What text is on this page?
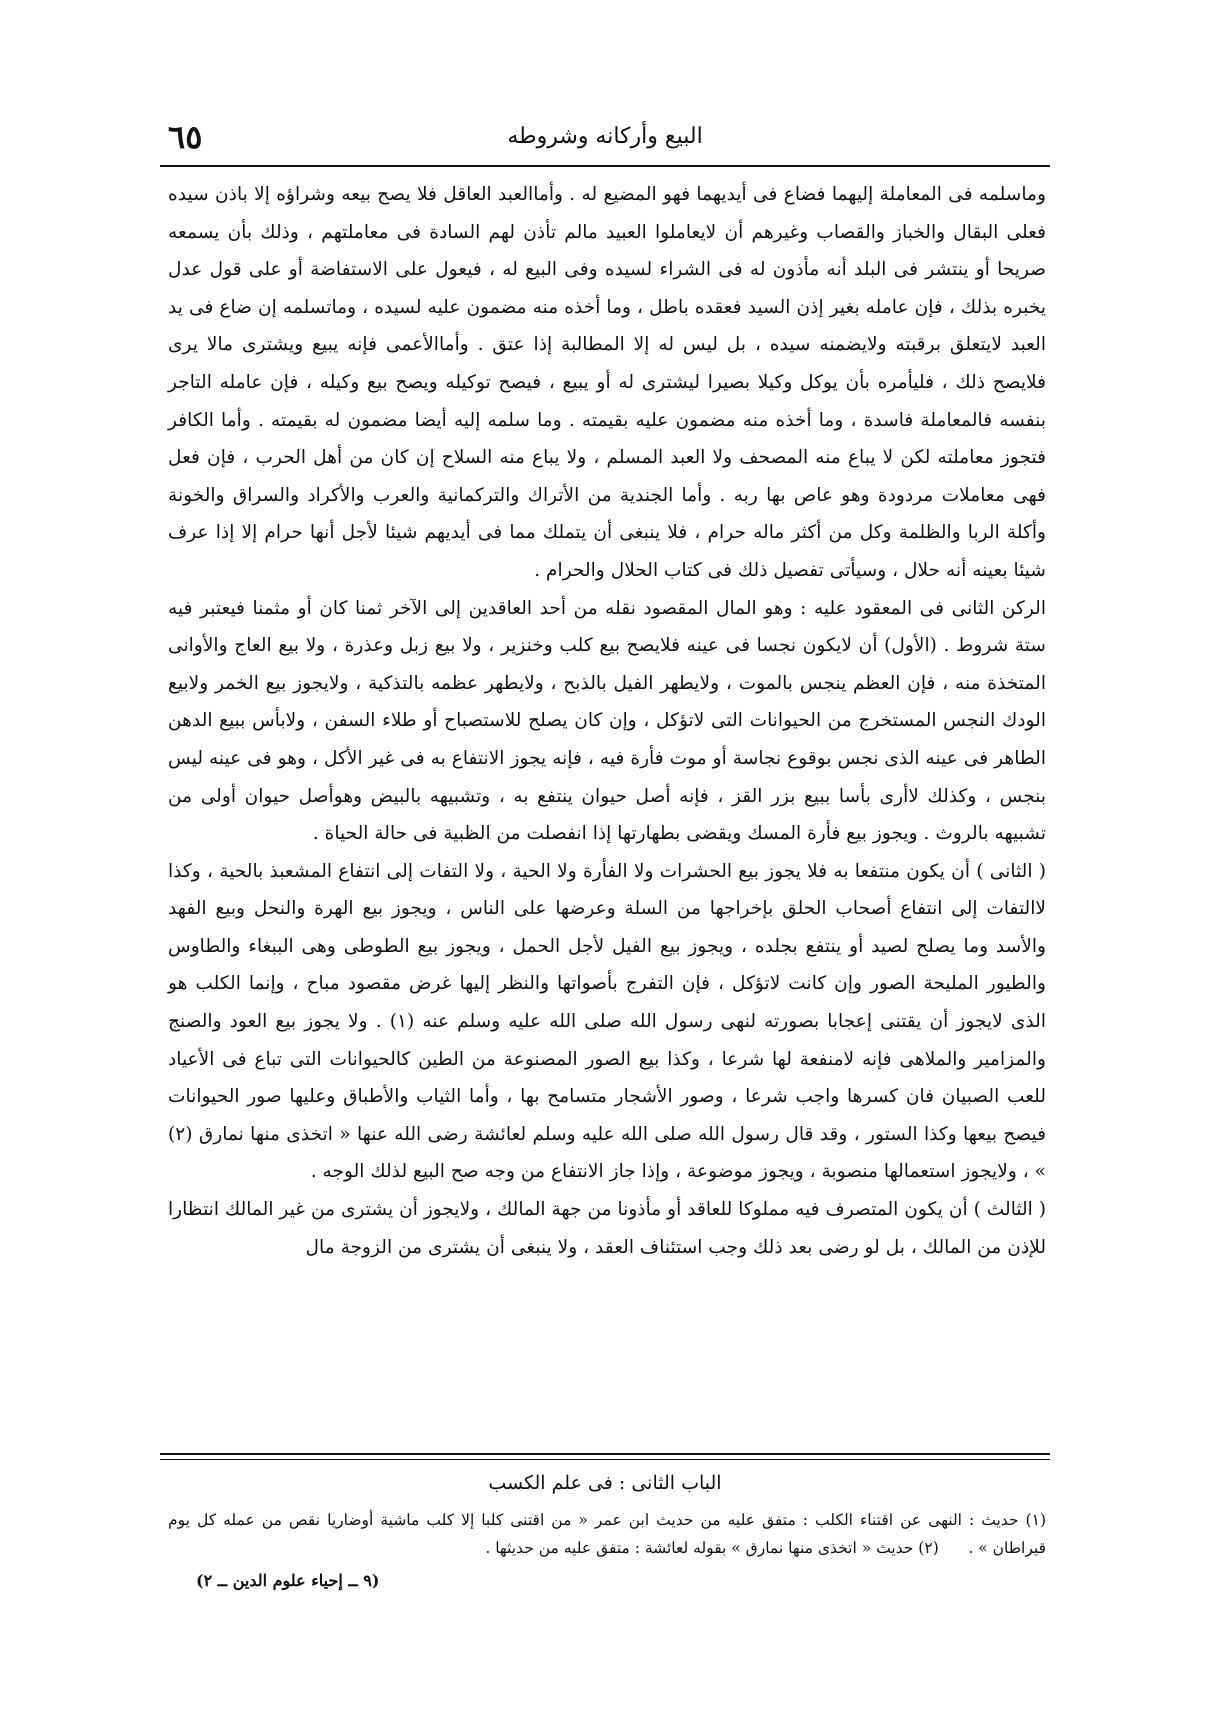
٦٥	البيع وأركانه وشروطه

وماسلمه فى المعاملة إليهما فضاع فى أيديهما فهو المضيع له . وأماالعبد العاقل فلا يصح بيعه وشراؤه إلا باذن سيده فعلى البقال والخباز والقصاب وغيرهم أن لايعاملوا العبيد مالم تأذن لهم السادة فى معاملتهم ، وذلك بأن يسمعه صريحا أو ينتشر فى البلد أنه مأذون له فى الشراء لسيده وفى البيع له ، فيعول على الاستفاضة أو على قول عدل يخبره بذلك ، فإن عامله بغير إذن السيد فعقده باطل ، وما أخذه منه مضمون عليه لسيده ، وماتسلمه إن ضاع فى يد العبد لايتعلق برقبته ولايضمنه سيده ، بل ليس له إلا المطالبة إذا عتق . وأماالأعمى فإنه يبيع ويشترى مالا يرى فلايصح ذلك ، فليأمره بأن يوكل وكيلا بصيرا ليشترى له أو يبيع ، فيصح توكيله ويصح بيع وكيله ، فإن عامله التاجر بنفسه فالمعاملة فاسدة ، وما أخذه منه مضمون عليه بقيمته . وما سلمه إليه أيضا مضمون له بقيمته . وأما الكافر فتجوز معاملته لكن لا يباع منه المصحف ولا العبد المسلم ، ولا يباع منه السلاح إن كان من أهل الحرب ، فإن فعل فهى معاملات مردودة وهو عاص بها ربه . وأما الجندية من الأتراك والتركمانية والعرب والأكراد والسراق والخونة وأكلة الربا والظلمة وكل من أكثر ماله حرام ، فلا ينبغى أن يتملك مما فى أيديهم شيئا لأجل أنها حرام إلا إذا عرف شيئا بعينه أنه حلال ، وسيأتى تفصيل ذلك فى كتاب الحلال والحرام .

الركن الثانى فى المعقود عليه : وهو المال المقصود نقله من أحد العاقدين إلى الآخر ثمنا كان أو مثمنا فيعتبر فيه ستة شروط . (الأول) أن لايكون نجسا فى عينه فلايصح بيع كلب وخنزير ، ولا بيع زبل وعذرة ، ولا بيع العاج والأوانى المتخذة منه ، فإن العظم ينجس بالموت ، ولايطهر الفيل بالذبح ، ولايطهر عظمه بالتذكية ، ولايجوز بيع الخمر ولابيع الودك النجس المستخرج من الحيوانات التى لاتؤكل ، وإن كان يصلح للاستصباح أو طلاء السفن ، ولابأس ببيع الدهن الطاهر فى عينه الذى نجس بوقوع نجاسة أو موت فأرة فيه ، فإنه يجوز الانتفاع به فى غير الأكل ، وهو فى عينه ليس بنجس ، وكذلك لاأرى بأسا ببيع بزر القز ، فإنه أصل حيوان ينتفع به ، وتشبيهه بالبيض وهوأصل حيوان أولى من تشبيهه بالروث . ويجوز بيع فأرة المسك ويقضى بطهارتها إذا انفصلت من الظبية فى حالة الحياة .

( الثانى ) أن يكون منتفعا به فلا يجوز بيع الحشرات ولا الفأرة ولا الحية ، ولا التفات إلى انتفاع المشعبذ بالحية ، وكذا لاالتفات إلى انتفاع أصحاب الحلق بإخراجها من السلة وعرضها على الناس ، ويجوز بيع الهرة والنحل وبيع الفهد والأسد وما يصلح لصيد أو ينتفع بجلده ، ويجوز بيع الفيل لأجل الحمل ، ويجوز بيع الطوطى وهى الببغاء والطاوس والطيور المليحة الصور وإن كانت لاتؤكل ، فإن التفرج بأصواتها والنظر إليها غرض مقصود مباح ، وإنما الكلب هو الذى لايجوز أن يقتنى إعجابا بصورته لنهى رسول الله صلى الله عليه وسلم عنه (١) . ولا يجوز بيع العود والصنج والمزامير والملاهى فإنه لامنفعة لها شرعا ، وكذا بيع الصور المصنوعة من الطين كالحيوانات التى تباع فى الأعياد للعب الصبيان فان كسرها واجب شرعا ، وصور الأشجار متسامح بها ، وأما الثياب والأطباق وعليها صور الحيوانات فيصح بيعها وكذا الستور ، وقد قال رسول الله صلى الله عليه وسلم لعائشة رضى الله عنها « اتخذى منها نمارق (٢) » ، ولايجوز استعمالها منصوبة ، ويجوز موضوعة ، وإذا جاز الانتفاع من وجه صح البيع لذلك الوجه .

( الثالث ) أن يكون المتصرف فيه مملوكا للعاقد أو مأذونا من جهة المالك ، ولايجوز أن يشترى من غير المالك انتظارا للإذن من المالك ، بل لو رضى بعد ذلك وجب استئناف العقد ، ولا ينبغى أن يشترى من الزوجة مال

الباب الثانى : فى علم الكسب
(١) حديث : النهى عن اقتناء الكلب : متفق عليه من حديث ابن عمر « من اقتنى كلبا إلا كلب ماشية أوضاريا نقص من عمله كل يوم قيراطان » .      (٢) حديث « اتخذى منها نمارق » بقوله لعائشة : متفق عليه من حديثها .
(٩ ــ إحياء علوم الدين ــ ٢)
